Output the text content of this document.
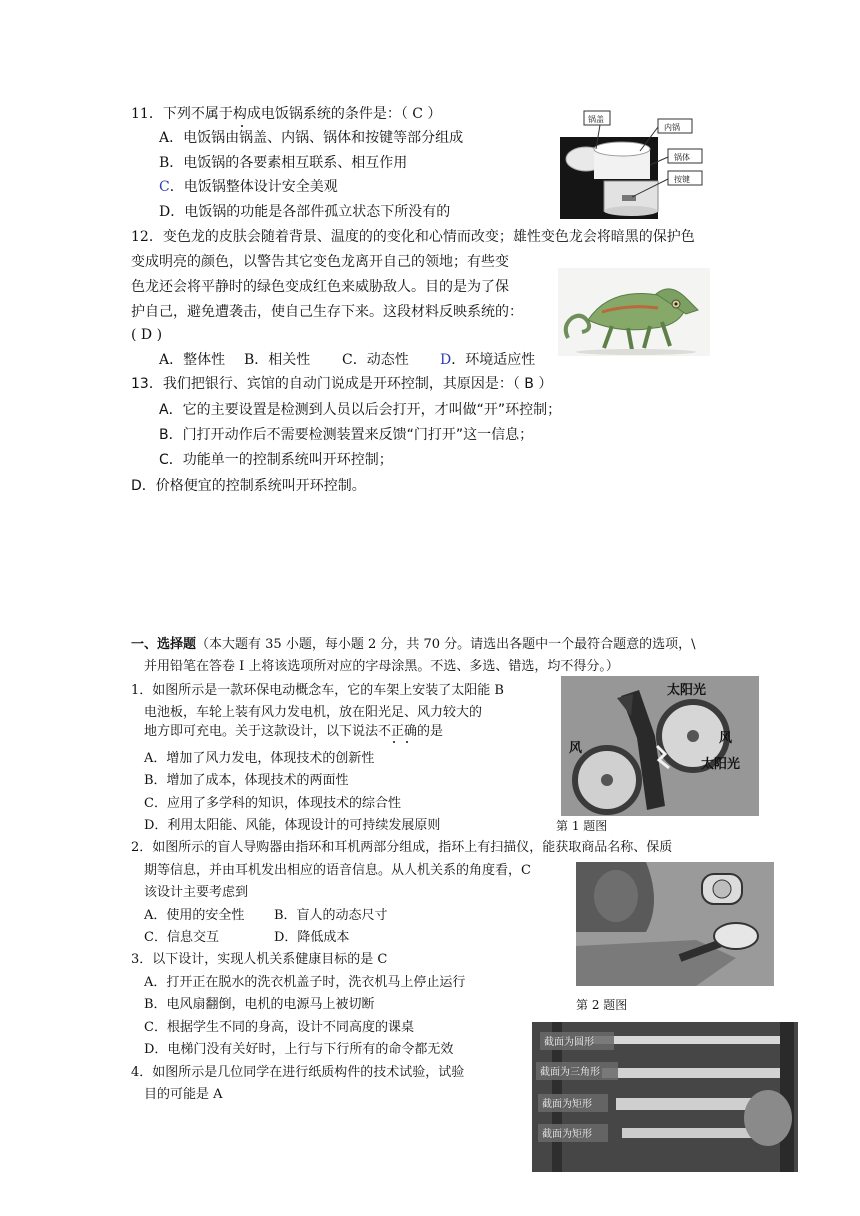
11．下列不属于构成电饭锅系统的条件是：（ C ）
A．电饭锅由锅盖、内锅、锅体和按键等部分组成
B．电饭锅的各要素相互联系、相互作用
C．电饭锅整体设计安全美观
D．电饭锅的功能是各部件孤立状态下所没有的
锅盖
内锅
锅体
按键
12．变色龙的皮肤会随着背景、温度的的变化和心情而改变；雄性变色龙会将暗黑的保护色
变成明亮的颜色，以警告其它变色龙离开自己的领地；有些变
色龙还会将平静时的绿色变成红色来威胁敌人。目的是为了保
护自己，避免遭袭击，使自己生存下来。这段材料反映系统的：
( D )
A．整体性 B．相关性 C．动态性 D．环境适应性
13．我们把银行、宾馆的自动门说成是开环控制，其原因是：（ B ）
A．它的主要设置是检测到人员以后会打开，才叫做“开”环控制；
B．门打开动作后不需要检测装置来反馈“门打开”这一信息；
C．功能单一的控制系统叫开环控制；
D．价格便宜的控制系统叫开环控制。
一、选择题（本大题有 35 小题，每小题 2 分，共 70 分。请选出各题中一个最符合题意的选项，\
并用铅笔在答卷 I 上将该选项所对应的字母涂黑。不选、多选、错选，均不得分。）
1．如图所示是一款环保电动概念车，它的车架上安装了太阳能 B
电池板，车轮上装有风力发电机，放在阳光足、风力较大的
地方即可充电。关于这款设计，以下说法不正确的是
A．增加了风力发电，体现技术的创新性
B．增加了成本，体现技术的两面性
C．应用了多学科的知识，体现技术的综合性
D．利用太阳能、风能，体现设计的可持续发展原则	第 1 题图
太阳光
风
风
太阳光
2．如图所示的盲人导购器由指环和耳机两部分组成，指环上有扫描仪，能获取商品名称、保质
期等信息，并由耳机发出相应的语音信息。从人机关系的角度看，C
该设计主要考虑到
A．使用的安全性 B．盲人的动态尺寸
C．信息交互	D．降低成本
第 2 题图
3．以下设计，实现人机关系健康目标的是 C
A．打开正在脱水的洗衣机盖子时，洗衣机马上停止运行
B．电风扇翻倒，电机的电源马上被切断
C．根据学生不同的身高，设计不同高度的课桌
D．电梯门没有关好时，上行与下行所有的命令都无效
4．如图所示是几位同学在进行纸质构件的技术试验，试验
目的可能是 A
截面为圆形
截面为三角形
截面为矩形
截面为矩形
